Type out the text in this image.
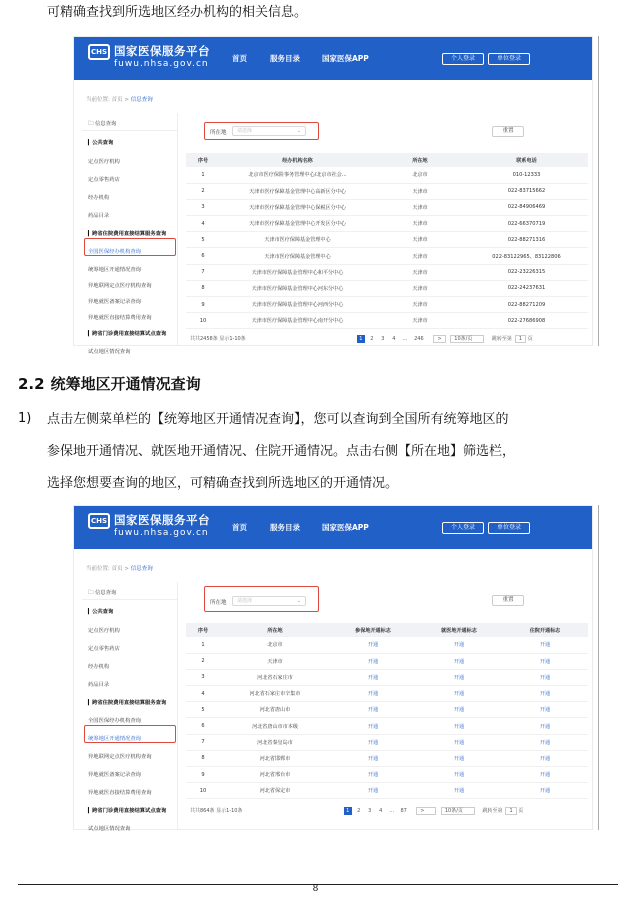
可精确查找到所选地区经办机构的相关信息。
CHS 国家医保服务平台
fuwu.nhsa.gov.cn
首页	服务目录	国家医保APP	个人登录	单位登录
当前位置: 首页 > 信息查询
🗀 信息查询
▎公共查询
定点医疗机构
定点零售药店
经办机构
药品目录
▎跨省住院费用直接结算服务查询
全国医保经办机构查询
统筹地区开通情况查询
异地联网定点医疗机构查询
异地就医备案记录查询
异地就医直接结算费用查询
▎跨省门诊费用直接结算试点查询
试点地区情况查询
所在地	请选择	⌄	重置
序号	经办机构名称	所在地	联系电话
1	北京市医疗保险事务管理中心/北京市社会...	北京市	010-12333
2	天津市医疗保障基金管理中心高新区分中心	天津市	022-83715662
3	天津市医疗保障基金管理中心保税区分中心	天津市	022-84906469
4	天津市医疗保障基金管理中心开发区分中心	天津市	022-66370719
5	天津市医疗保障基金管理中心	天津市	022-88271316
6	天津市医疗保障基金管理中心	天津市	022-83122965、83122806
7	天津市医疗保障基金管理中心和平分中心	天津市	022-23226315
8	天津市医疗保障基金管理中心河东分中心	天津市	022-24237631
9	天津市医疗保障基金管理中心河西分中心	天津市	022-88271209
10	天津市医疗保障基金管理中心南开分中心	天津市	022-27686908
共共2458条 显示1-10条	1 2 3 4 ... 246	>	10条/页	跳转至第 1 页
2.2 统筹地区开通情况查询
1) 点击左侧菜单栏的【统筹地区开通情况查询】，您可以查询到全国所有统筹地区的
参保地开通情况、就医地开通情况、住院开通情况。点击右侧【所在地】筛选栏，
选择您想要查询的地区，可精确查找到所选地区的开通情况。
CHS 国家医保服务平台
fuwu.nhsa.gov.cn
首页	服务目录	国家医保APP	个人登录	单位登录
当前位置: 首页 > 信息查询
🗀 信息查询
▎公共查询
定点医疗机构
定点零售药店
经办机构
药品目录
▎跨省住院费用直接结算服务查询
全国医保经办机构查询
统筹地区开通情况查询
异地联网定点医疗机构查询
异地就医备案记录查询
异地就医直接结算费用查询
▎跨省门诊费用直接结算试点查询
试点地区情况查询
所在地	请选择	⌄	重置
序号	所在地	参保地开通标志	就医地开通标志	住院开通标志
1	北京市	开通	开通	开通
2	天津市	开通	开通	开通
3	河北省石家庄市	开通	开通	开通
4	河北省石家庄市辛集市	开通	开通	开通
5	河北省唐山市	开通	开通	开通
6	河北省唐山市市本级	开通	开通	开通
7	河北省秦皇岛市	开通	开通	开通
8	河北省邯郸市	开通	开通	开通
9	河北省邢台市	开通	开通	开通
10	河北省保定市	开通	开通	开通
共共864条 显示1-10条	1 2 3 4 ... 87	>	10条/页	跳转至第 1 页
8
